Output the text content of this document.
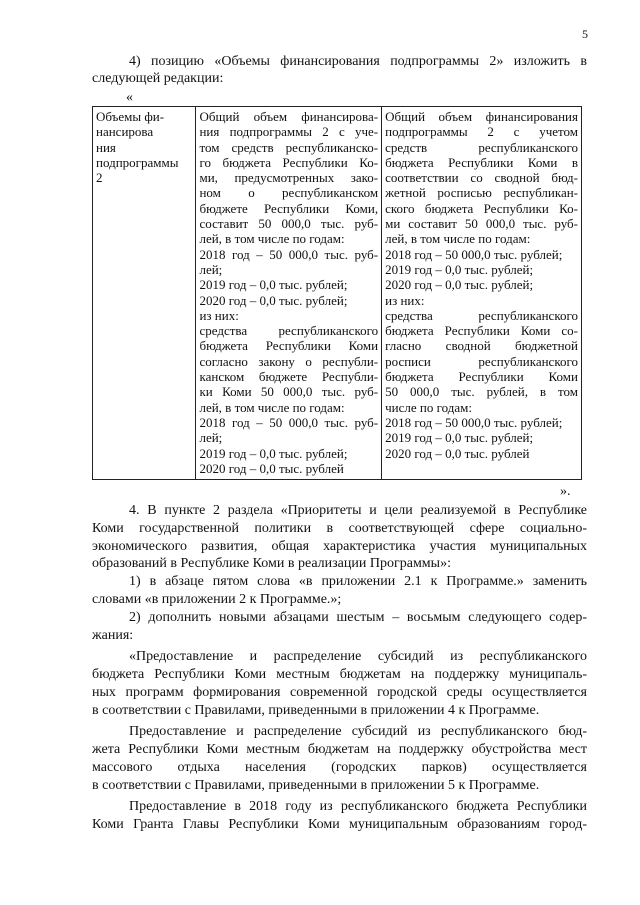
5
4) позицию «Объемы финансирования подпрограммы 2» изложить в
следующей редакции:
«
Объемы фи-
нансирова
ния
подпрограммы
2

Общий объем финансирова-
ния подпрограммы 2 с уче-
том средств республиканско-
го бюджета Республики Ко-
ми, предусмотренных зако-
ном о республиканском
бюджете Республики Коми,
составит 50 000,0 тыс. руб-
лей, в том числе по годам:
2018 год – 50 000,0 тыс. руб-
лей;
2019 год – 0,0 тыс. рублей;
2020 год – 0,0 тыс. рублей;
из них:
средства республиканского
бюджета Республики Коми
согласно закону о республи-
канском бюджете Республи-
ки Коми 50 000,0 тыс. руб-
лей, в том числе по годам:
2018 год – 50 000,0 тыс. руб-
лей;
2019 год – 0,0 тыс. рублей;
2020 год – 0,0 тыс. рублей

Общий объем финансирования
подпрограммы 2 с учетом
средств республиканского
бюджета Республики Коми в
соответствии со сводной бюд-
жетной росписью республикан-
ского бюджета Республики Ко-
ми составит 50 000,0 тыс. руб-
лей, в том числе по годам:
2018 год – 50 000,0 тыс. рублей;
2019 год – 0,0 тыс. рублей;
2020 год – 0,0 тыс. рублей;
из них:
средства республиканского
бюджета Республики Коми со-
гласно сводной бюджетной
росписи республиканского
бюджета Республики Коми
50 000,0 тыс. рублей, в том
числе по годам:
2018 год – 50 000,0 тыс. рублей;
2019 год – 0,0 тыс. рублей;
2020 год – 0,0 тыс. рублей
».
4. В пункте 2 раздела «Приоритеты и цели реализуемой в Республике
Коми государственной политики в соответствующей сфере социально-
экономического развития, общая характеристика участия муниципальных
образований в Республике Коми в реализации Программы»:
1) в абзаце пятом слова «в приложении 2.1 к Программе.» заменить
словами «в приложении 2 к Программе.»;
2) дополнить новыми абзацами шестым – восьмым следующего содер-
жания:
«Предоставление и распределение субсидий из республиканского
бюджета Республики Коми местным бюджетам на поддержку муниципаль-
ных программ формирования современной городской среды осуществляется
в соответствии с Правилами, приведенными в приложении 4 к Программе.
Предоставление и распределение субсидий из республиканского бюд-
жета Республики Коми местным бюджетам на поддержку обустройства мест
массового отдыха населения (городских парков) осуществляется
в соответствии с Правилами, приведенными в приложении 5 к Программе.
Предоставление в 2018 году из республиканского бюджета Республики
Коми Гранта Главы Республики Коми муниципальным образованиям город-
